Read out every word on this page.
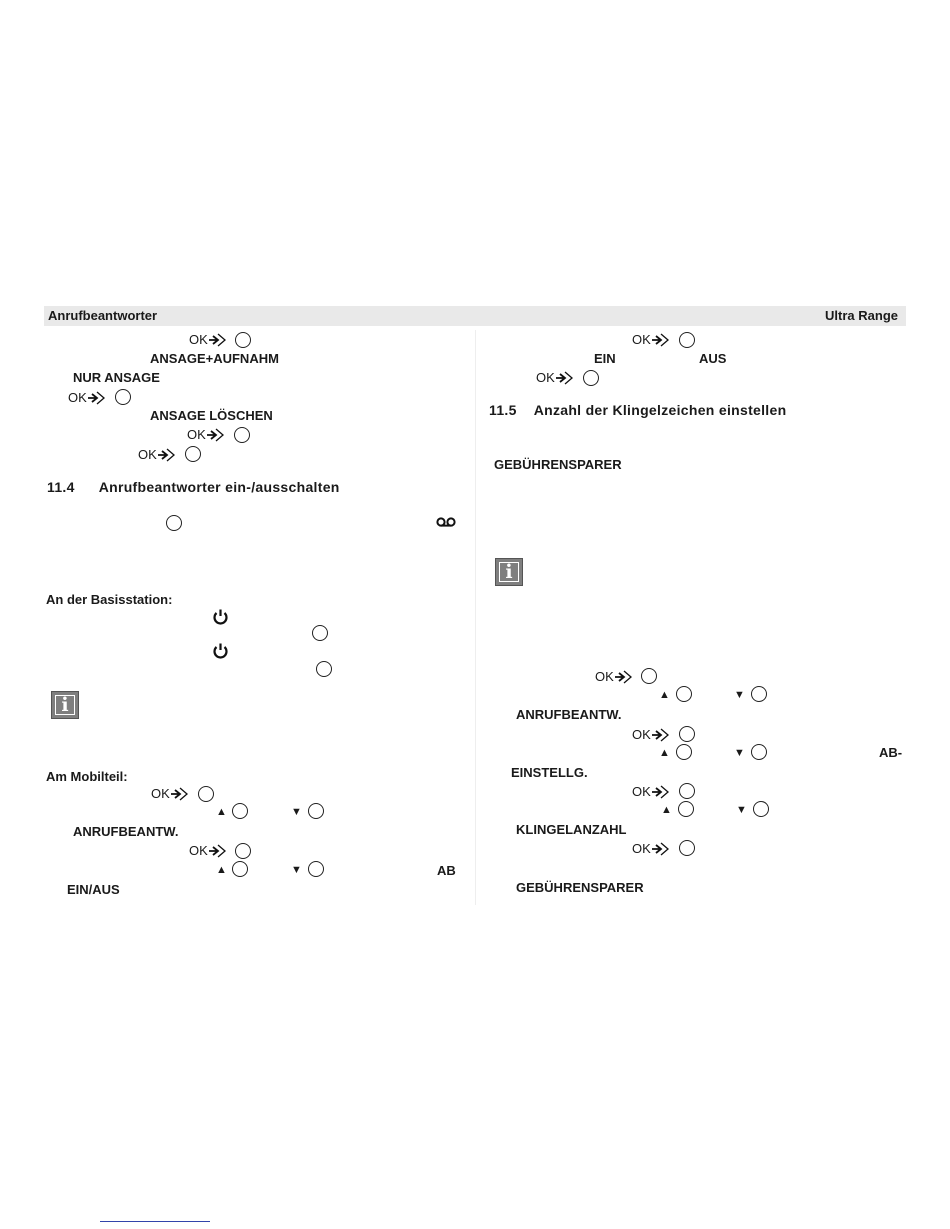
Anrufbeantworter	Ultra Range
OK
ANSAGE+AUFNAHM
NUR ANSAGE
OK
ANSAGE LÖSCHEN
OK
OK
11.4 Anrufbeantworter ein-/ausschalten
An der Basisstation:
i
Am Mobilteil:
OK
▲	▼
ANRUFBEANTW.
OK
▲	▼	AB
EIN/AUS
OK
EIN	AUS
OK
11.5 Anzahl der Klingelzeichen einstellen
GEBÜHRENSPARER
i
OK
▲	▼
ANRUFBEANTW.
OK
▲	▼	AB-
EINSTELLG.
OK
▲	▼
KLINGELANZAHL
OK
GEBÜHRENSPARER
